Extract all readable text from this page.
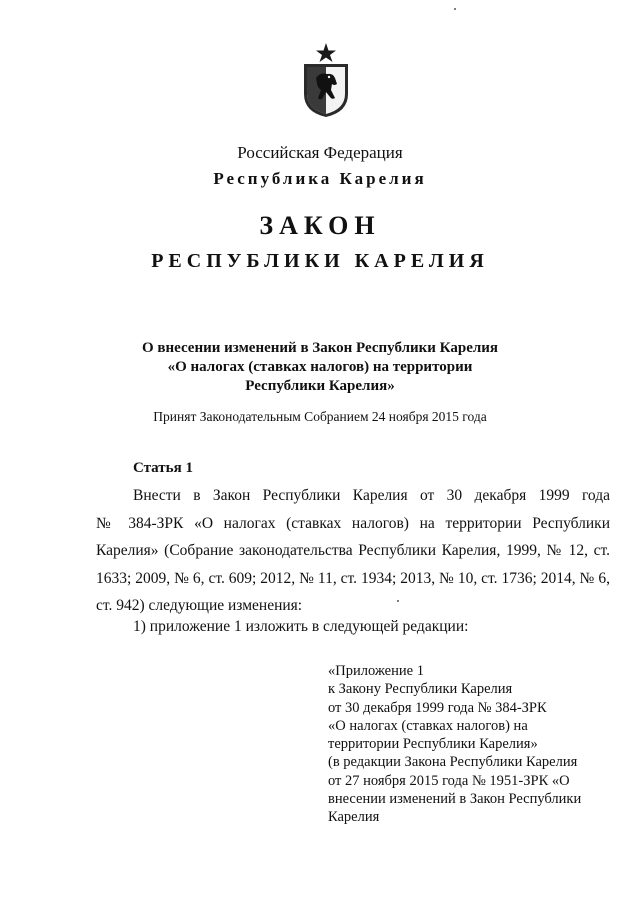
Российская Федерация
Республика Карелия
ЗАКОН
РЕСПУБЛИКИ КАРЕЛИЯ
О внесении изменений в Закон Республики Карелия
«О налогах (ставках налогов) на территории
Республики Карелия»
Принят Законодательным Собранием 24 ноября 2015 года
Статья 1
Внести в Закон Республики Карелия от 30 декабря 1999 года
№ 384-ЗРК «О налогах (ставках налогов) на территории Республики
Карелия» (Собрание законодательства Республики Карелия, 1999, № 12, ст.
1633; 2009, № 6, ст. 609; 2012, № 11, ст. 1934; 2013, № 10, ст. 1736; 2014, № 6,
ст. 942) следующие изменения:
1) приложение 1 изложить в следующей редакции:
«Приложение 1
к Закону Республики Карелия
от 30 декабря 1999 года № 384-ЗРК
«О налогах (ставках налогов) на
территории Республики Карелия»
(в редакции Закона Республики Карелия
от 27 ноября 2015 года № 1951-ЗРК «О
внесении изменений в Закон Республики
Карелия
